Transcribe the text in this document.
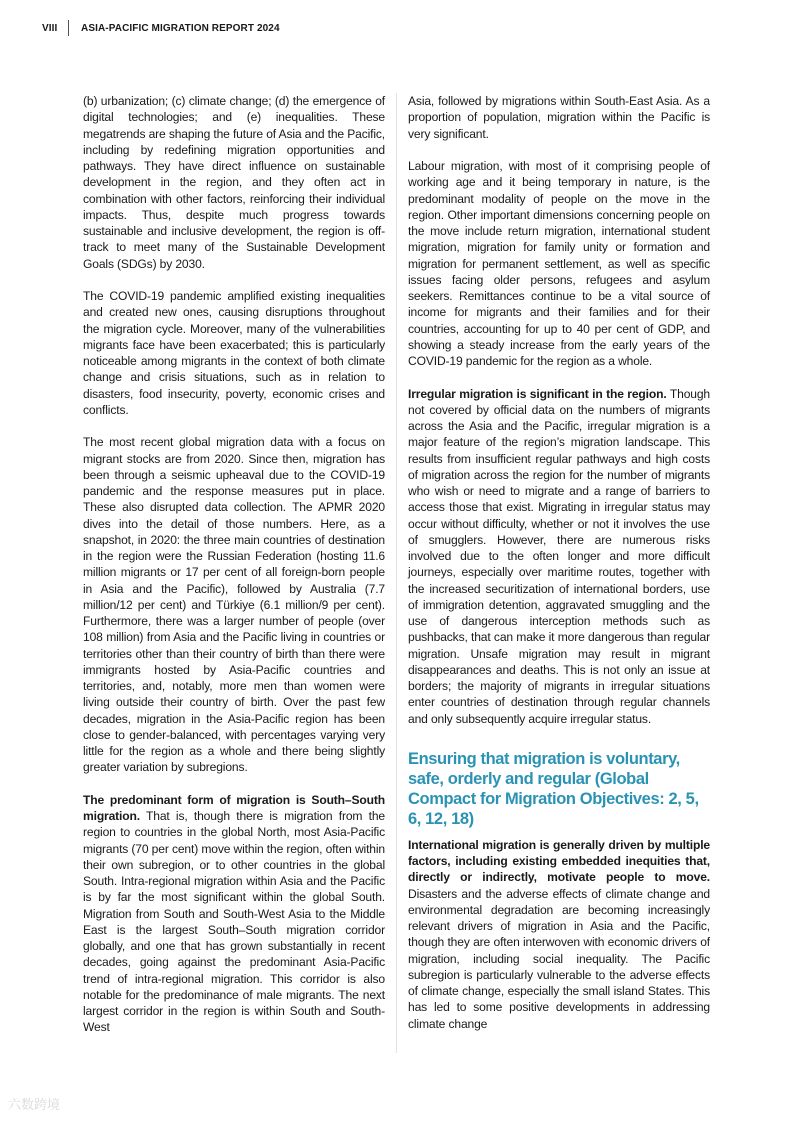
VIII	ASIA-PACIFIC MIGRATION REPORT 2024

(b) urbanization; (c) climate change; (d) the emergence of digital technologies; and (e) inequalities. These megatrends are shaping the future of Asia and the Pacific, including by redefining migration opportunities and pathways. They have direct influence on sustainable development in the region, and they often act in combination with other factors, reinforcing their individual impacts. Thus, despite much progress towards sustainable and inclusive development, the region is off-track to meet many of the Sustainable Development Goals (SDGs) by 2030.

The COVID-19 pandemic amplified existing inequalities and created new ones, causing disruptions throughout the migration cycle. Moreover, many of the vulnerabilities migrants face have been exacerbated; this is particularly noticeable among migrants in the context of both climate change and crisis situations, such as in relation to disasters, food insecurity, poverty, economic crises and conflicts.

The most recent global migration data with a focus on migrant stocks are from 2020. Since then, migration has been through a seismic upheaval due to the COVID-19 pandemic and the response measures put in place. These also disrupted data collection. The APMR 2020 dives into the detail of those numbers. Here, as a snapshot, in 2020: the three main countries of destination in the region were the Russian Federation (hosting 11.6 million migrants or 17 per cent of all foreign-born people in Asia and the Pacific), followed by Australia (7.7 million/12 per cent) and Türkiye (6.1 million/9 per cent). Furthermore, there was a larger number of people (over 108 million) from Asia and the Pacific living in countries or territories other than their country of birth than there were immigrants hosted by Asia-Pacific countries and territories, and, notably, more men than women were living outside their country of birth. Over the past few decades, migration in the Asia-Pacific region has been close to gender-balanced, with percentages varying very little for the region as a whole and there being slightly greater variation by subregions.

The predominant form of migration is South–South migration. That is, though there is migration from the region to countries in the global North, most Asia-Pacific migrants (70 per cent) move within the region, often within their own subregion, or to other countries in the global South. Intra-regional migration within Asia and the Pacific is by far the most significant within the global South. Migration from South and South-West Asia to the Middle East is the largest South–South migration corridor globally, and one that has grown substantially in recent decades, going against the predominant Asia-Pacific trend of intra-regional migration. This corridor is also notable for the predominance of male migrants. The next largest corridor in the region is within South and South-West

Asia, followed by migrations within South-East Asia. As a proportion of population, migration within the Pacific is very significant.

Labour migration, with most of it comprising people of working age and it being temporary in nature, is the predominant modality of people on the move in the region. Other important dimensions concerning people on the move include return migration, international student migration, migration for family unity or formation and migration for permanent settlement, as well as specific issues facing older persons, refugees and asylum seekers. Remittances continue to be a vital source of income for migrants and their families and for their countries, accounting for up to 40 per cent of GDP, and showing a steady increase from the early years of the COVID-19 pandemic for the region as a whole.

Irregular migration is significant in the region. Though not covered by official data on the numbers of migrants across the Asia and the Pacific, irregular migration is a major feature of the region’s migration landscape. This results from insufficient regular pathways and high costs of migration across the region for the number of migrants who wish or need to migrate and a range of barriers to access those that exist. Migrating in irregular status may occur without difficulty, whether or not it involves the use of smugglers. However, there are numerous risks involved due to the often longer and more difficult journeys, especially over maritime routes, together with the increased securitization of international borders, use of immigration detention, aggravated smuggling and the use of dangerous interception methods such as pushbacks, that can make it more dangerous than regular migration. Unsafe migration may result in migrant disappearances and deaths. This is not only an issue at borders; the majority of migrants in irregular situations enter countries of destination through regular channels and only subsequently acquire irregular status.

Ensuring that migration is voluntary, safe, orderly and regular (Global Compact for Migration Objectives: 2, 5, 6, 12, 18)

International migration is generally driven by multiple factors, including existing embedded inequities that, directly or indirectly, motivate people to move. Disasters and the adverse effects of climate change and environmental degradation are becoming increasingly relevant drivers of migration in Asia and the Pacific, though they are often interwoven with economic drivers of migration, including social inequality. The Pacific subregion is particularly vulnerable to the adverse effects of climate change, especially the small island States. This has led to some positive developments in addressing climate change

六数跨境
